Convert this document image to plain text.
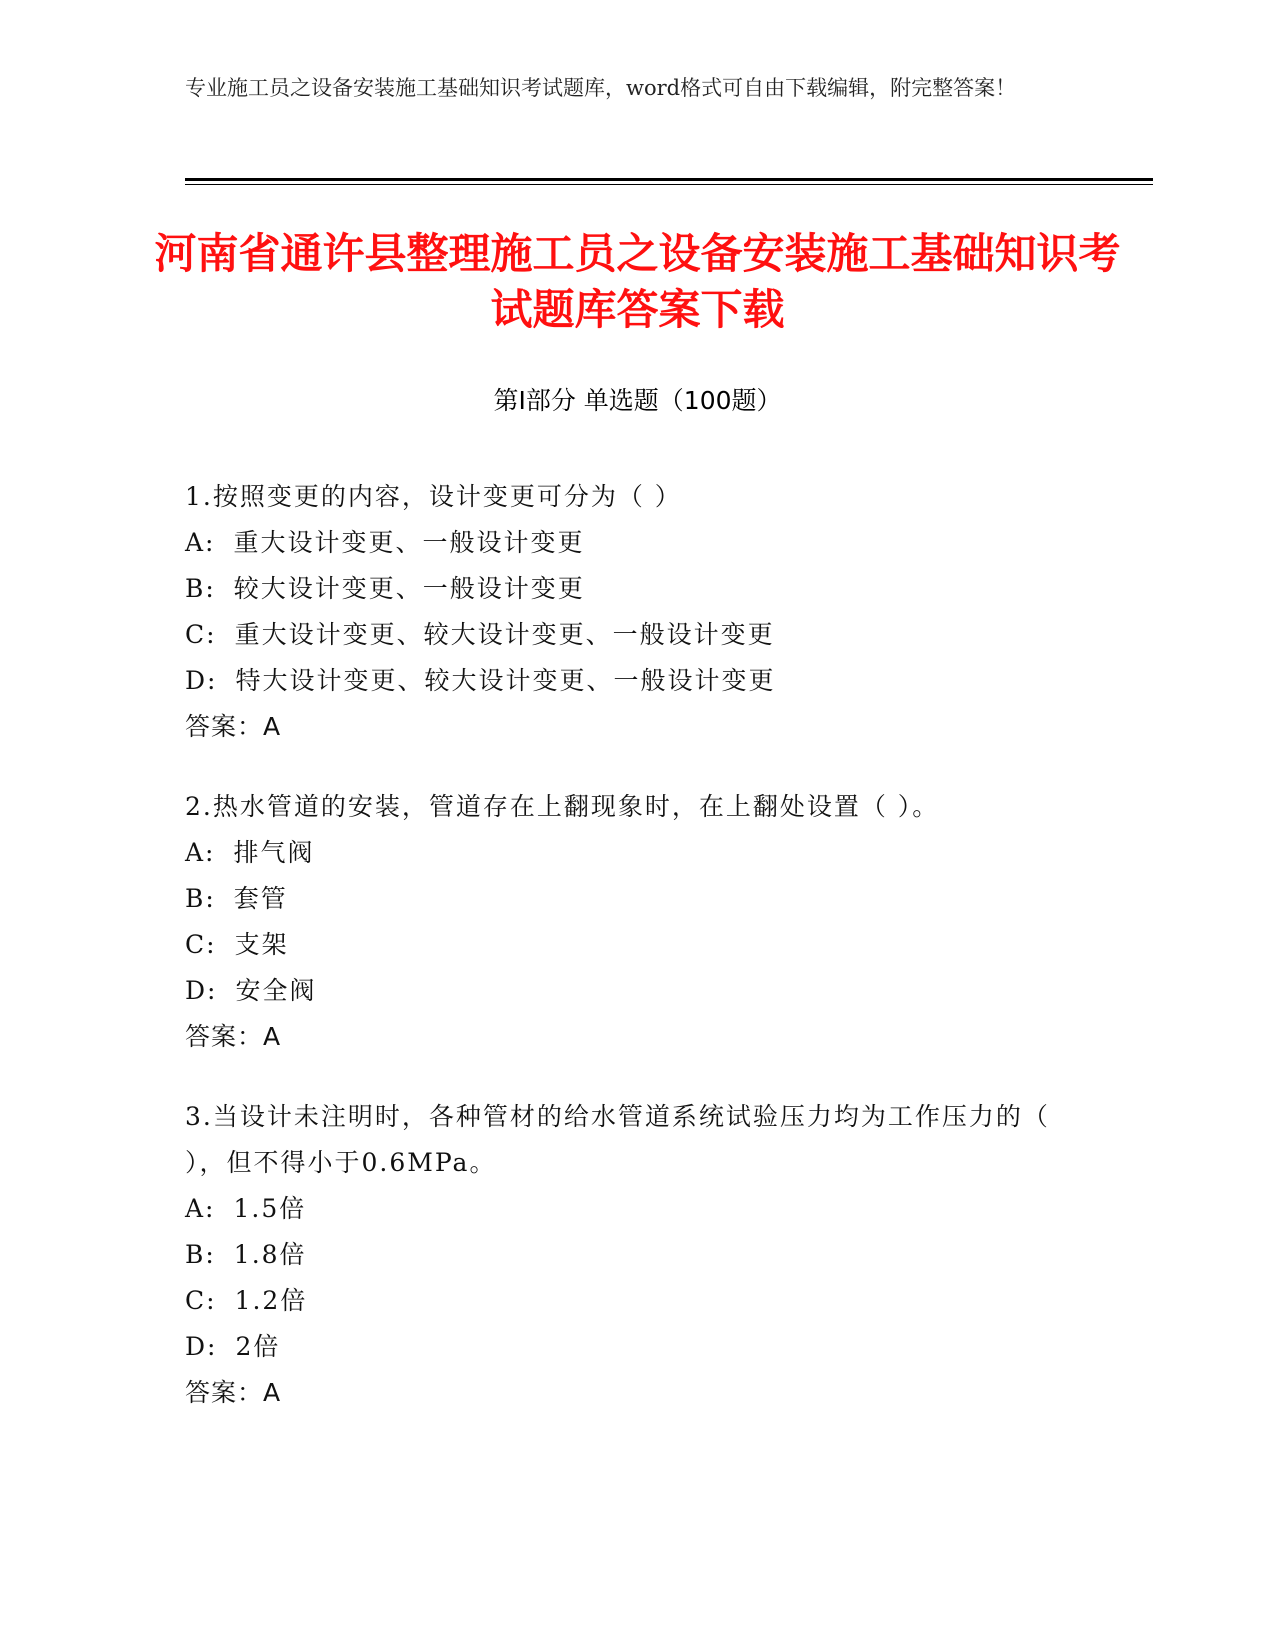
专业施工员之设备安装施工基础知识考试题库，word格式可自由下载编辑，附完整答案！
河南省通许县整理施工员之设备安装施工基础知识考试题库答案下载
第Ⅰ部分 单选题（100题）
1.按照变更的内容，设计变更可分为（ ）
A: 重大设计变更、一般设计变更
B: 较大设计变更、一般设计变更
C: 重大设计变更、较大设计变更、一般设计变更
D: 特大设计变更、较大设计变更、一般设计变更
答案：A
2.热水管道的安装，管道存在上翻现象时，在上翻处设置（ ）。
A: 排气阀
B: 套管
C: 支架
D: 安全阀
答案：A
3.当设计未注明时，各种管材的给水管道系统试验压力均为工作压力的（ ），但不得小于0.6MPa。
A: 1.5倍
B: 1.8倍
C: 1.2倍
D: 2倍
答案：A
